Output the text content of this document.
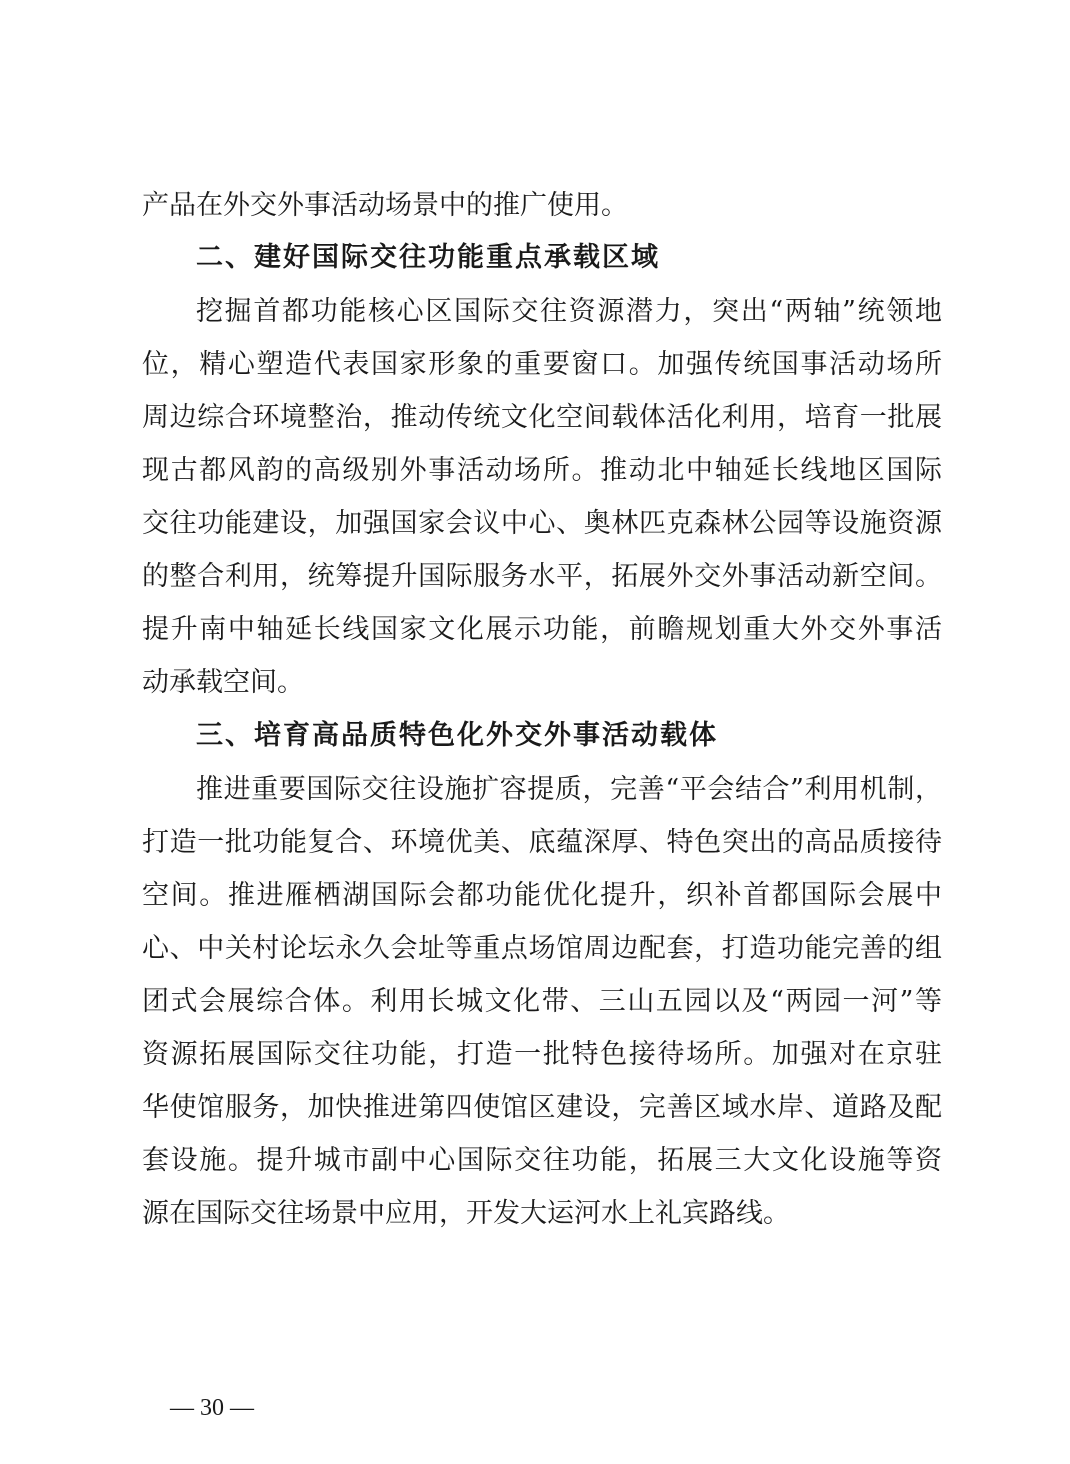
产品在外交外事活动场景中的推广使用。
二、建好国际交往功能重点承载区域
挖掘首都功能核心区国际交往资源潜力，突出“两轴”统领地
位，精心塑造代表国家形象的重要窗口。加强传统国事活动场所
周边综合环境整治，推动传统文化空间载体活化利用，培育一批展
现古都风韵的高级别外事活动场所。推动北中轴延长线地区国际
交往功能建设，加强国家会议中心、奥林匹克森林公园等设施资源
的整合利用，统筹提升国际服务水平，拓展外交外事活动新空间。
提升南中轴延长线国家文化展示功能，前瞻规划重大外交外事活
动承载空间。
三、培育高品质特色化外交外事活动载体
推进重要国际交往设施扩容提质，完善“平会结合”利用机制，
打造一批功能复合、环境优美、底蕴深厚、特色突出的高品质接待
空间。推进雁栖湖国际会都功能优化提升，织补首都国际会展中
心、中关村论坛永久会址等重点场馆周边配套，打造功能完善的组
团式会展综合体。利用长城文化带、三山五园以及“两园一河”等
资源拓展国际交往功能，打造一批特色接待场所。加强对在京驻
华使馆服务，加快推进第四使馆区建设，完善区域水岸、道路及配
套设施。提升城市副中心国际交往功能，拓展三大文化设施等资
源在国际交往场景中应用，开发大运河水上礼宾路线。
— 30 —
